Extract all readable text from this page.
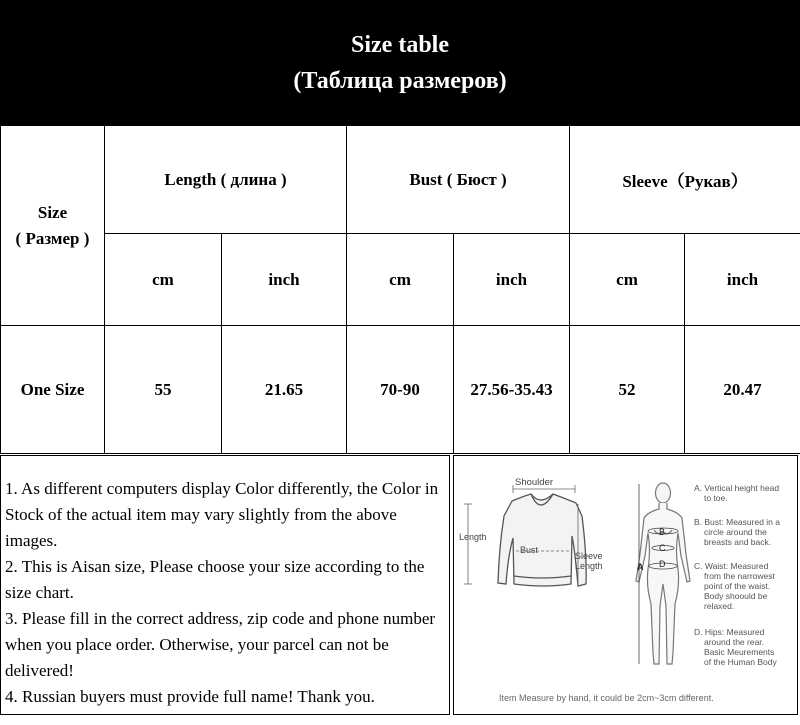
Size table
(Таблица размеров)
Size
( Размер )	Length ( длина )		Bust ( Бюст )		Sleeve（Рукав）	
	cm	inch	cm	inch	cm	inch
One Size	55	21.65	70-90	27.56-35.43	52	20.47

1. As different computers display Color differently, the Color in Stock of the actual item may vary slightly from the above images.

2. This is Aisan size, Please choose your size according to the size chart.

3. Please fill in the correct address, zip code and phone number when you place order. Otherwise, your parcel can not be delivered!

4. Russian buyers must provide full name! Thank you.

Shoulder
Length
Bust
Sleeve
Length	A
B
C
D
A. Vertical height head
to toe.
B. Bust: Measured in a
circle around the
breasts and back.
C. Waist: Measured
from the narrowest
point of the waist.
Body shoould be
relaxed.
D. Hips: Measured
around the rear.
Basic Meurements
of the Human Body
Item Measure by hand, it could be 2cm~3cm different.
